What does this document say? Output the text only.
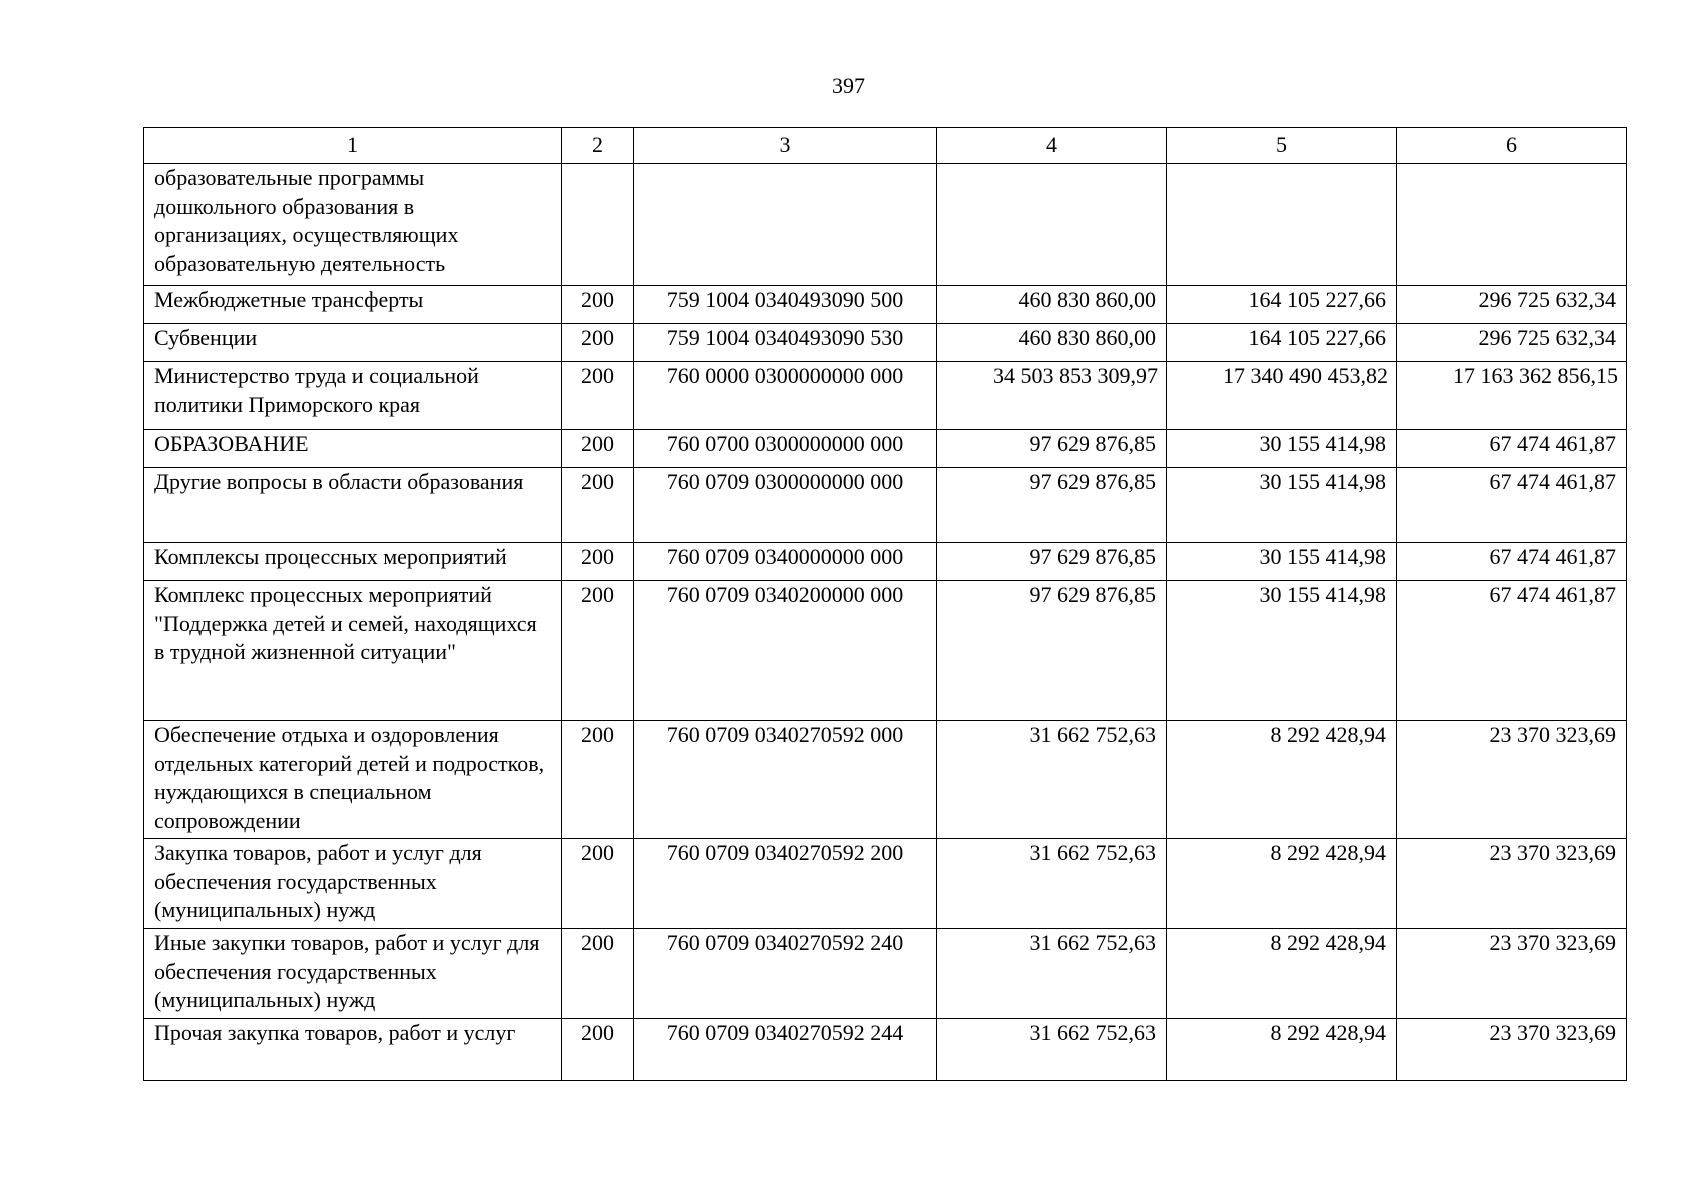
397
1	2	3	4	5	6
образовательные программы дошкольного образования в организациях, осуществляющих образовательную деятельность					
Межбюджетные трансферты	200	759 1004 0340493090 500	460 830 860,00	164 105 227,66	296 725 632,34
Субвенции	200	759 1004 0340493090 530	460 830 860,00	164 105 227,66	296 725 632,34
Министерство труда и социальной политики Приморского края	200	760 0000 0300000000 000	34 503 853 309,97	17 340 490 453,82	17 163 362 856,15
ОБРАЗОВАНИЕ	200	760 0700 0300000000 000	97 629 876,85	30 155 414,98	67 474 461,87
Другие вопросы в области образования	200	760 0709 0300000000 000	97 629 876,85	30 155 414,98	67 474 461,87
Комплексы процессных мероприятий	200	760 0709 0340000000 000	97 629 876,85	30 155 414,98	67 474 461,87
Комплекс процессных мероприятий "Поддержка детей и семей, находящихся в трудной жизненной ситуации"	200	760 0709 0340200000 000	97 629 876,85	30 155 414,98	67 474 461,87
Обеспечение отдыха и оздоровления отдельных категорий детей и подростков, нуждающихся в специальном сопровождении	200	760 0709 0340270592 000	31 662 752,63	8 292 428,94	23 370 323,69
Закупка товаров, работ и услуг для обеспечения государственных (муниципальных) нужд	200	760 0709 0340270592 200	31 662 752,63	8 292 428,94	23 370 323,69
Иные закупки товаров, работ и услуг для обеспечения государственных (муниципальных) нужд	200	760 0709 0340270592 240	31 662 752,63	8 292 428,94	23 370 323,69
Прочая закупка товаров, работ и услуг	200	760 0709 0340270592 244	31 662 752,63	8 292 428,94	23 370 323,69
